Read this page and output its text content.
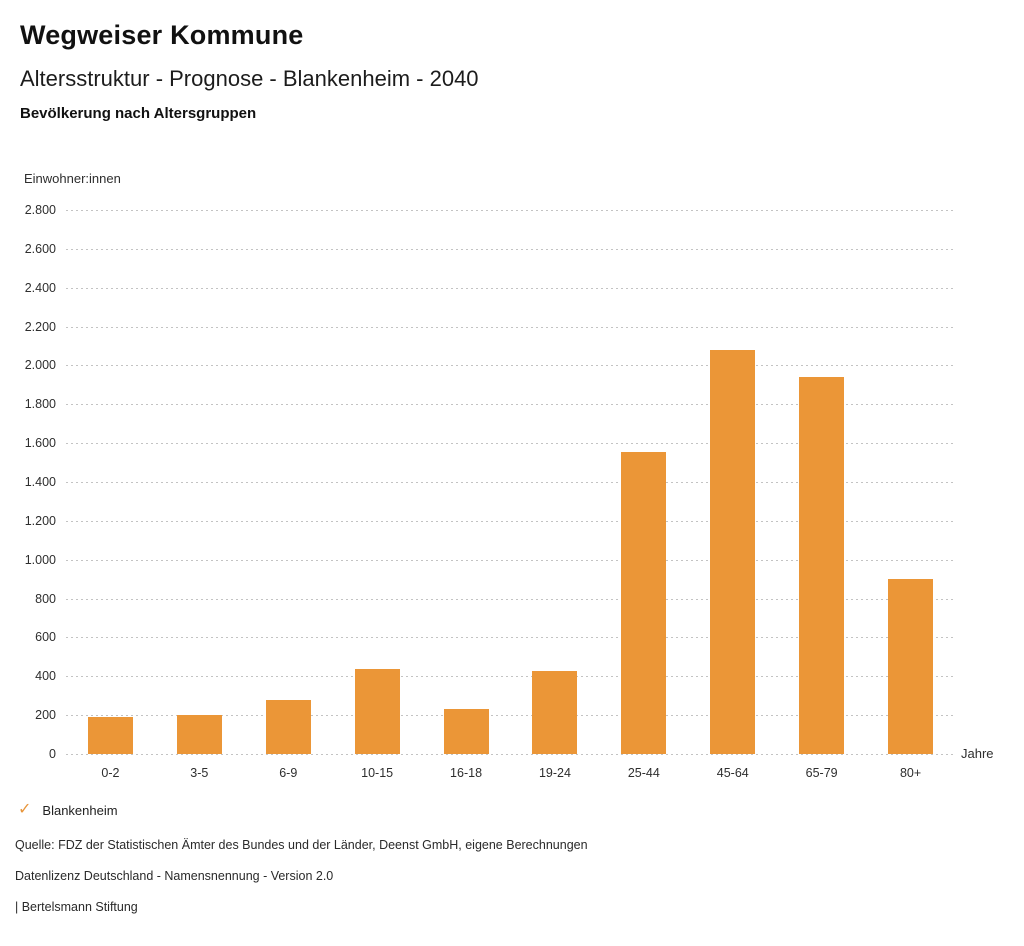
Wegweiser Kommune
Altersstruktur - Prognose - Blankenheim - 2040
Bevölkerung nach Altersgruppen
Einwohner:innen
0
200
400
600
800
1.000
1.200
1.400
1.600
1.800
2.000
2.200
2.400
2.600
2.800
0-2	3-5	6-9	10-15	16-18	19-24	25-44	45-64	65-79	80+
Jahre
✓ Blankenheim
Quelle: FDZ der Statistischen Ämter des Bundes und der Länder, Deenst GmbH, eigene Berechnungen
Datenlizenz Deutschland - Namensnennung - Version 2.0
| Bertelsmann Stiftung
